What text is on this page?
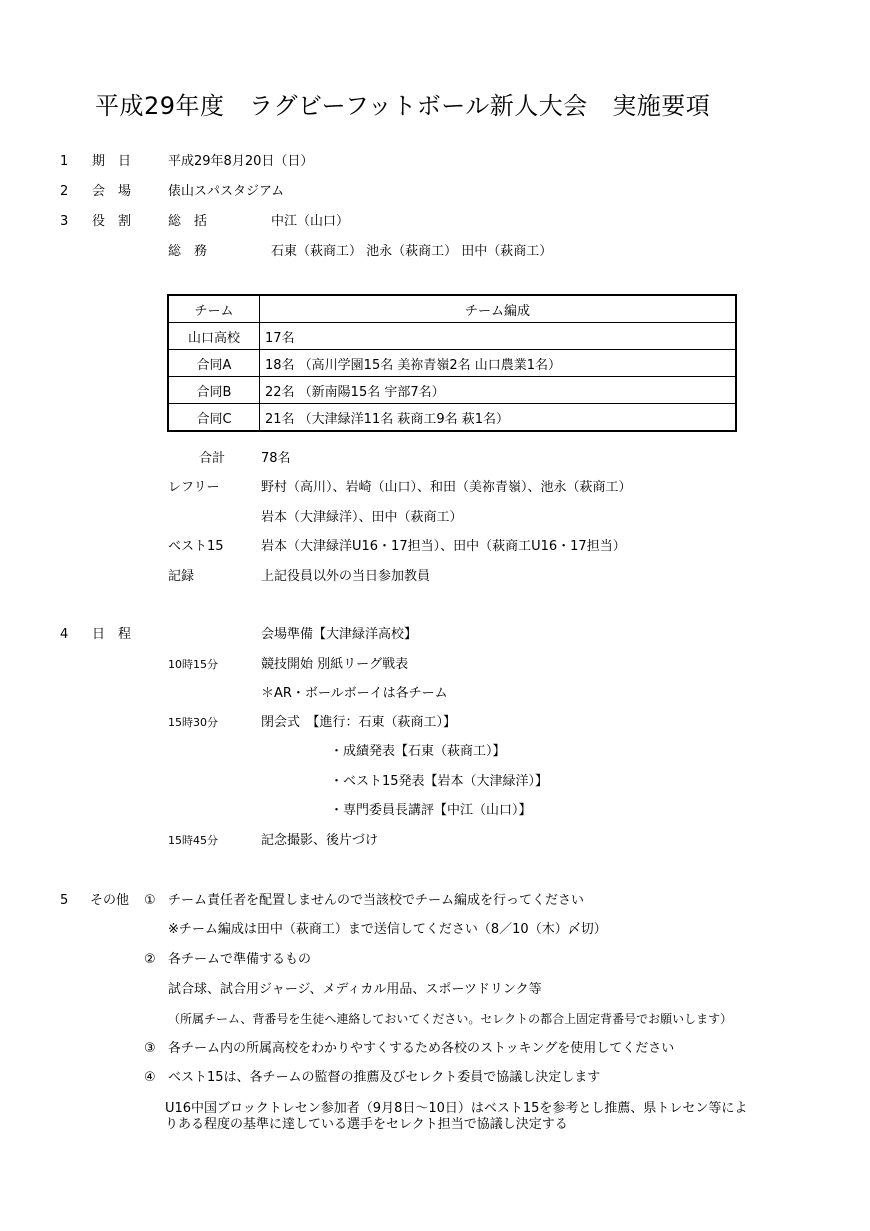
平成29年度　ラグビーフットボール新人大会　実施要項
1 期　日	平成29年8月20日（日）
2 会　場	俵山スパスタジアム
3 役　割	総　括	中江（山口）
総　務	石東（萩商工） 池永（萩商工） 田中（萩商工）
チーム	チーム編成
山口高校	17名
合同A	18名 （高川学園15名 美祢青嶺2名 山口農業1名）
合同B	22名 （新南陽15名 宇部7名）
合同C	21名 （大津緑洋11名 萩商工9名 萩1名）
合計	78名
レフリー	野村（高川）、岩崎（山口）、和田（美祢青嶺）、池永（萩商工）
岩本（大津緑洋）、田中（萩商工）
ベスト15	岩本（大津緑洋U16・17担当）、田中（萩商工U16・17担当）
記録	上記役員以外の当日参加教員
4 日　程	会場準備【大津緑洋高校】
10時15分	競技開始 別紙リーグ戦表
＊AR・ボールボーイは各チーム
15時30分	閉会式　【進行：石東（萩商工）】
・成績発表【石東（萩商工）】
・ベスト15発表【岩本（大津緑洋）】
・専門委員長講評【中江（山口）】
15時45分	記念撮影、後片づけ
5 その他 ① チーム責任者を配置しませんので当該校でチーム編成を行ってください
※チーム編成は田中（萩商工）まで送信してください（8／10（木）〆切）
② 各チームで準備するもの
試合球、試合用ジャージ、メディカル用品、スポーツドリンク等
（所属チーム、背番号を生徒へ連絡しておいてください。セレクトの都合上固定背番号でお願いします）
③ 各チーム内の所属高校をわかりやすくするため各校のストッキングを使用してください
④ ベスト15は、各チームの監督の推薦及びセレクト委員で協議し決定します
U16中国ブロックトレセン参加者（9月8日～10日）はベスト15を参考とし推薦、県トレセン等によ
りある程度の基準に達している選手をセレクト担当で協議し決定する
